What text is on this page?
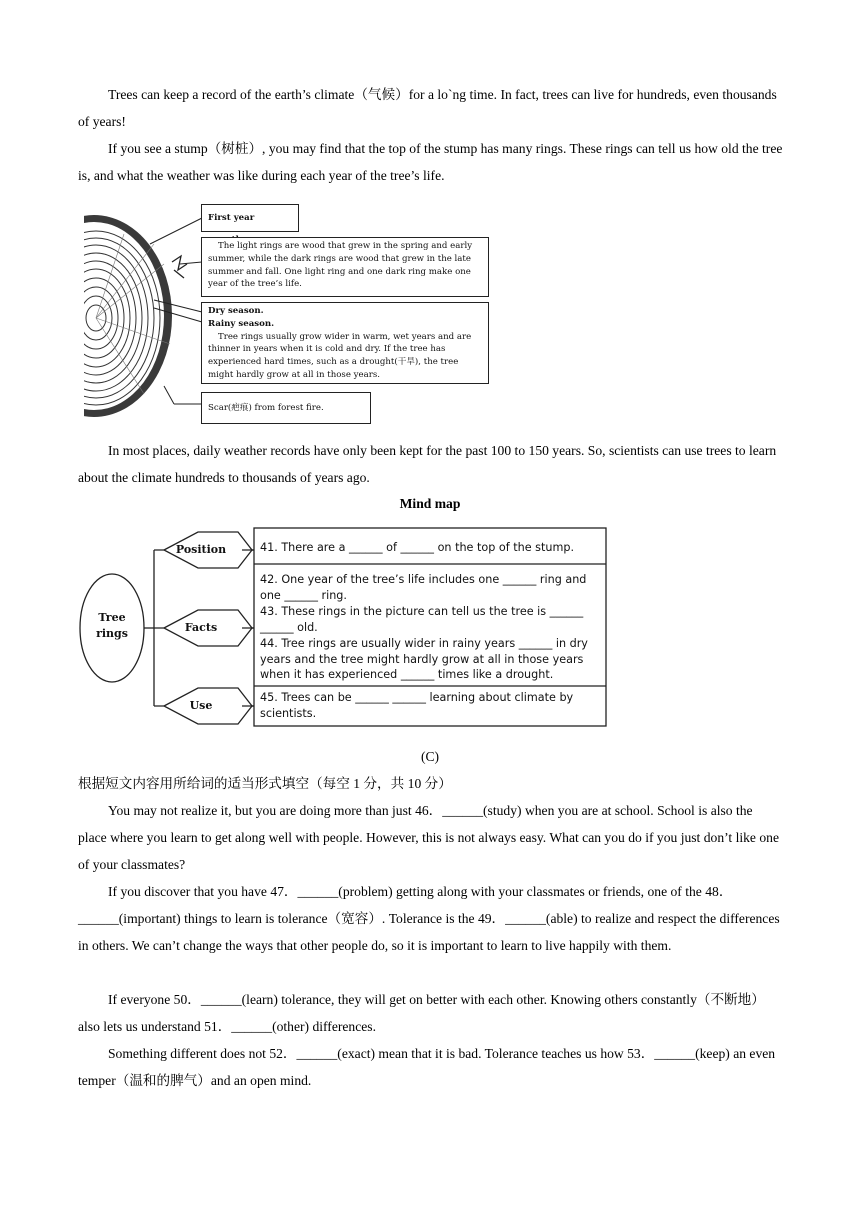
Trees can keep a record of the earth’s climate（气候）for a lo`ng time. In fact, trees can live for hundreds, even thousands of years!

If you see a stump（树桩）, you may find that the top of the stump has many rings. These rings can tell us how old the tree is, and what the weather was like during each year of the tree’s life.

First year
The light rings are wood that grew in the spring and early summer, while the dark rings are wood that grew in the late summer and fall. One light ring and one dark ring make one year of the tree’s life.
Dry season.
Rainy season.
Tree rings usually grow wider in warm, wet years and are thinner in years when it is cold and dry. If the tree has experienced hard times, such as a drought(干旱), the tree might hardly grow at all in those years.
Scar(疤痕) from forest fire.

In most places, daily weather records have only been kept for the past 100 to 150 years. So, scientists can use trees to learn about the climate hundreds to thousands of years ago.

Mind map
Tree rings
Position
Facts
Use
41. There are a ______ of ______ on the top of the stump.
42. One year of the tree’s life includes one ______ ring and one ______ ring.
43. These rings in the picture can tell us the tree is ______ ______ old.
44. Tree rings are usually wider in rainy years ______ in dry years and the tree might hardly grow at all in those years when it has experienced ______ times like a drought.
45. Trees can be ______ ______ learning about climate by scientists.
(C)

根据短文内容用所给词的适当形式填空（每空 1 分，共 10 分）

You may not realize it, but you are doing more than just 46．______(study) when you are at school. School is also the place where you learn to get along well with people. However, this is not always easy. What can you do if you just don’t like one of your classmates?

If you discover that you have 47．______(problem) getting along with your classmates or friends, one of the 48．______(important) things to learn is tolerance（宽容）. Tolerance is the 49．______(able) to realize and respect the differences in others. We can’t change the ways that other people do, so it is important to learn to live happily with them.

If everyone 50．______(learn) tolerance, they will get on better with each other. Knowing others constantly（不断地）also lets us understand 51．______(other) differences.

Something different does not 52．______(exact) mean that it is bad. Tolerance teaches us how 53．______(keep) an even temper（温和的脾气）and an open mind.
